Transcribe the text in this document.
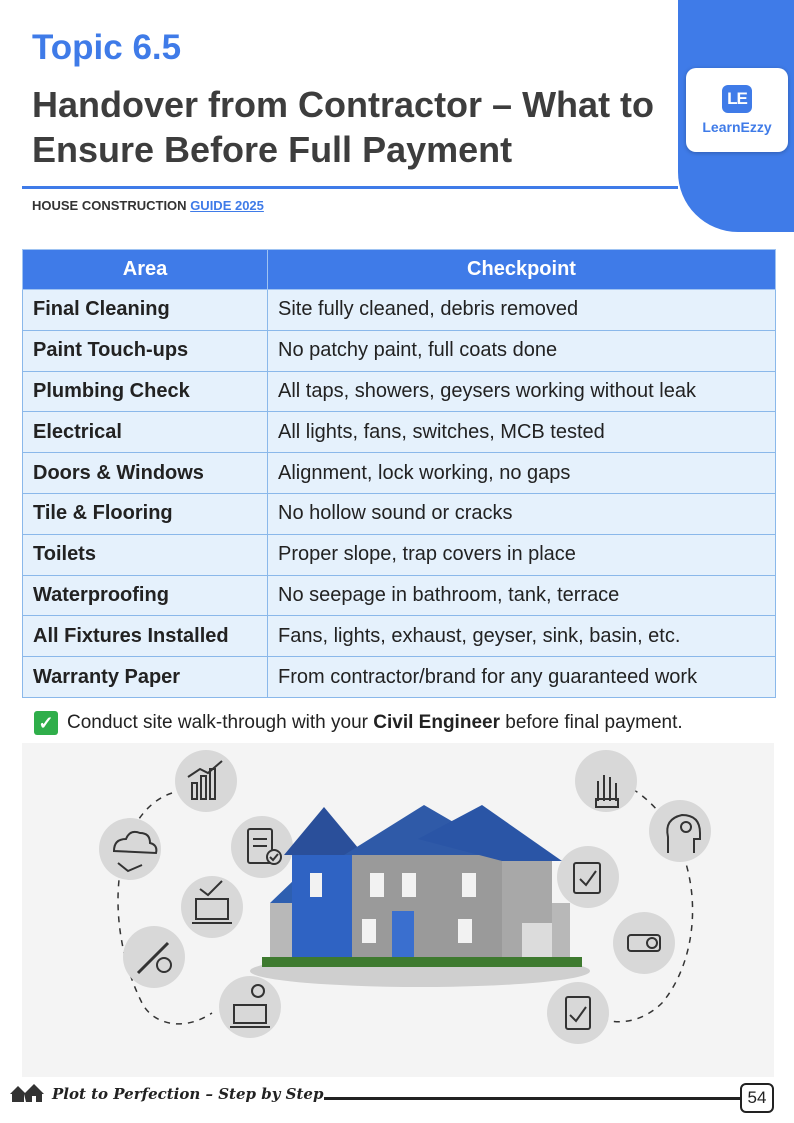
LE
LearnEzzy
Topic 6.5
Handover from Contractor – What to Ensure Before Full Payment
HOUSE CONSTRUCTION GUIDE 2025
Area	Checkpoint
Final Cleaning	Site fully cleaned, debris removed
Paint Touch-ups	No patchy paint, full coats done
Plumbing Check	All taps, showers, geysers working without leak
Electrical	All lights, fans, switches, MCB tested
Doors & Windows	Alignment, lock working, no gaps
Tile & Flooring	No hollow sound or cracks
Toilets	Proper slope, trap covers in place
Waterproofing	No seepage in bathroom, tank, terrace
All Fixtures Installed	Fans, lights, exhaust, geyser, sink, basin, etc.
Warranty Paper	From contractor/brand for any guaranteed work
✓ Conduct site walk-through with your Civil Engineer before final payment.
Plot to Perfection – Step by Step	54
